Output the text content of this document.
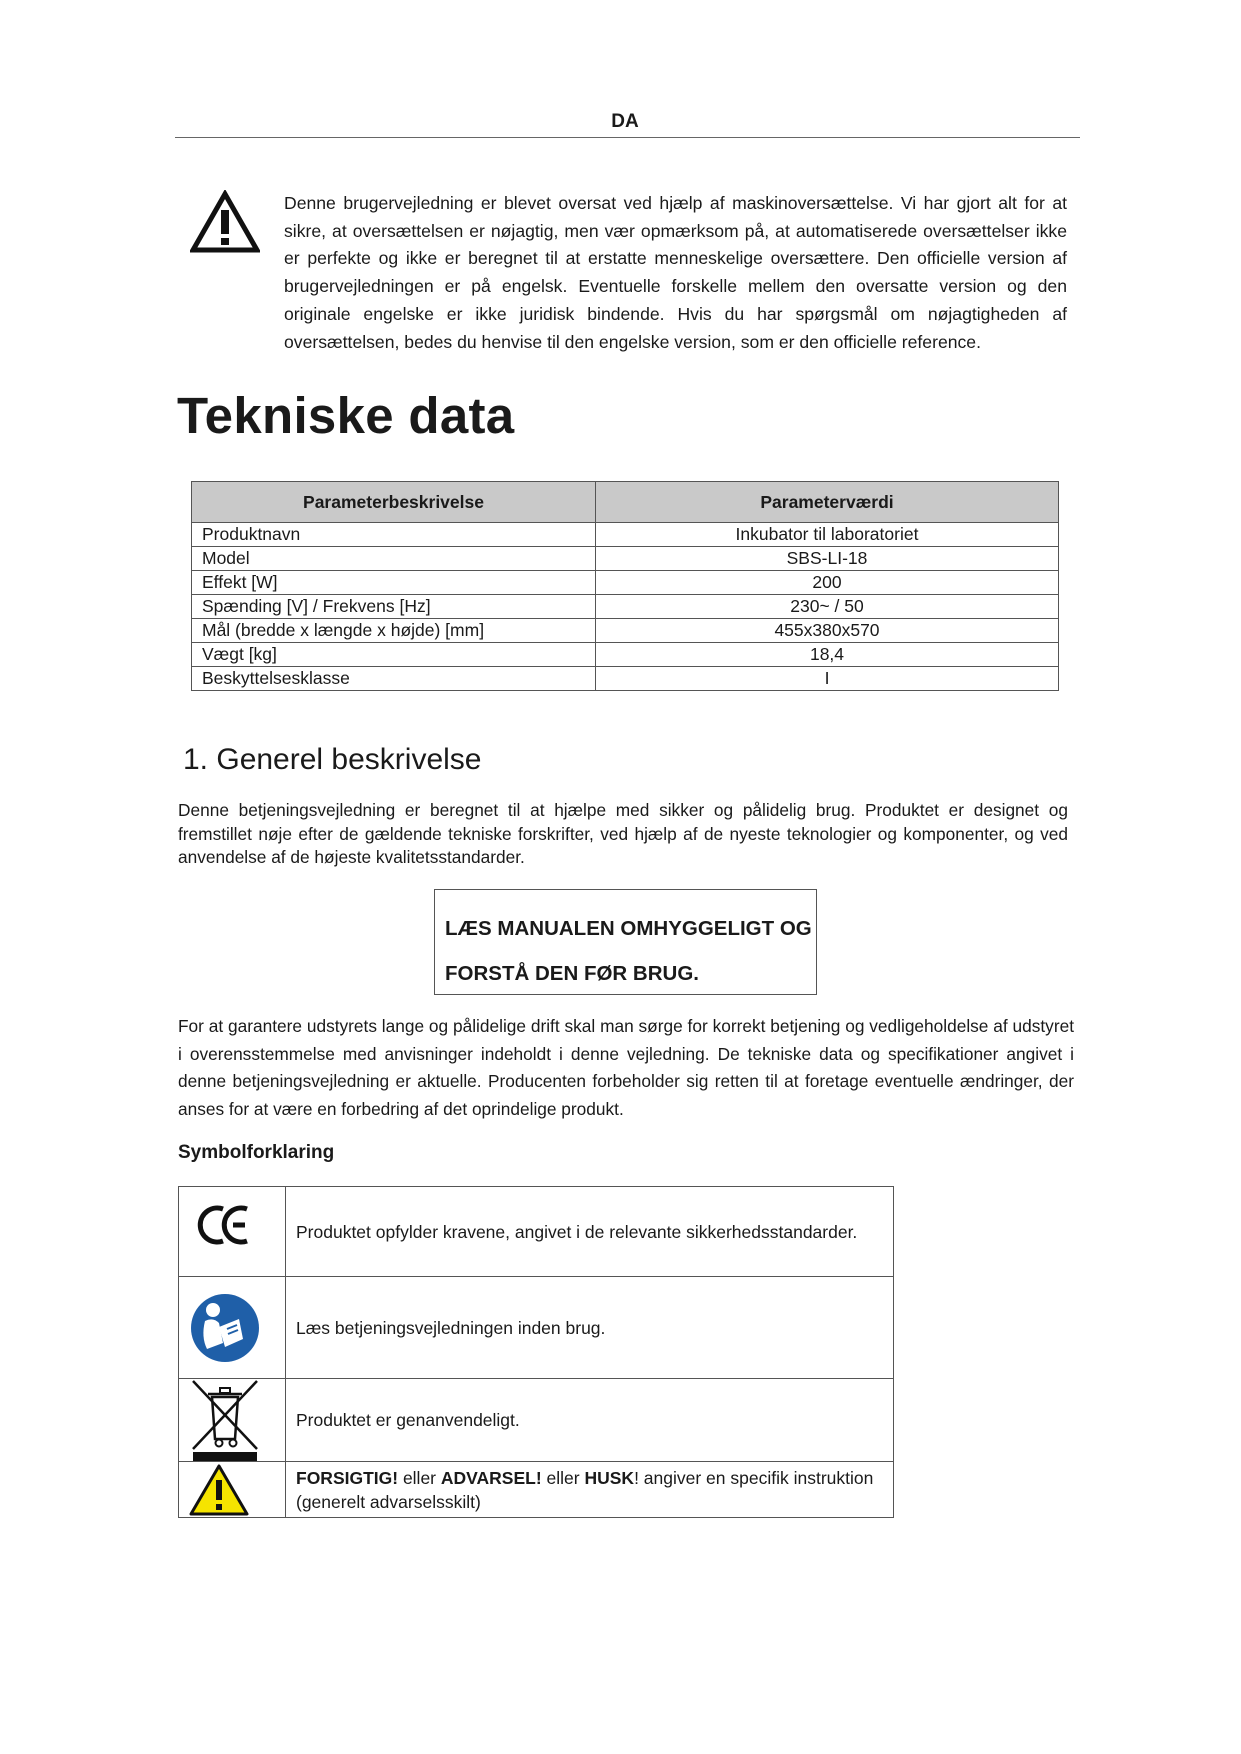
DA
Denne brugervejledning er blevet oversat ved hjælp af maskinoversættelse. Vi har gjort alt for at sikre, at oversættelsen er nøjagtig, men vær opmærksom på, at automatiserede oversættelser ikke er perfekte og ikke er beregnet til at erstatte menneskelige oversættere. Den officielle version af brugervejledningen er på engelsk. Eventuelle forskelle mellem den oversatte version og den originale engelske er ikke juridisk bindende. Hvis du har spørgsmål om nøjagtigheden af oversættelsen, bedes du henvise til den engelske version, som er den officielle reference.
Tekniske data
Parameterbeskrivelse	Parameterværdi
Produktnavn	Inkubator til laboratoriet
Model	SBS-LI-18
Effekt [W]	200
Spænding [V] / Frekvens [Hz]	230~ / 50
Mål (bredde x længde x højde) [mm]	455x380x570
Vægt [kg]	18,4
Beskyttelsesklasse	I
1. Generel beskrivelse
Denne betjeningsvejledning er beregnet til at hjælpe med sikker og pålidelig brug. Produktet er designet og fremstillet nøje efter de gældende tekniske forskrifter, ved hjælp af de nyeste teknologier og komponenter, og ved anvendelse af de højeste kvalitetsstandarder.
LÆS MANUALEN OMHYGGELIGT OG
FORSTÅ DEN FØR BRUG.
For at garantere udstyrets lange og pålidelige drift skal man sørge for korrekt betjening og vedligeholdelse af udstyret i overensstemmelse med anvisninger indeholdt i denne vejledning. De tekniske data og specifikationer angivet i denne betjeningsvejledning er aktuelle. Producenten forbeholder sig retten til at foretage eventuelle ændringer, der anses for at være en forbedring af det oprindelige produkt.
Symbolforklaring
	Produktet opfylder kravene, angivet i de relevante sikkerhedsstandarder.

	Læs betjeningsvejledningen inden brug.

	Produktet er genanvendeligt.

	FORSIGTIG! eller ADVARSEL! eller HUSK! angiver en specifik instruktion (generelt advarselsskilt)
